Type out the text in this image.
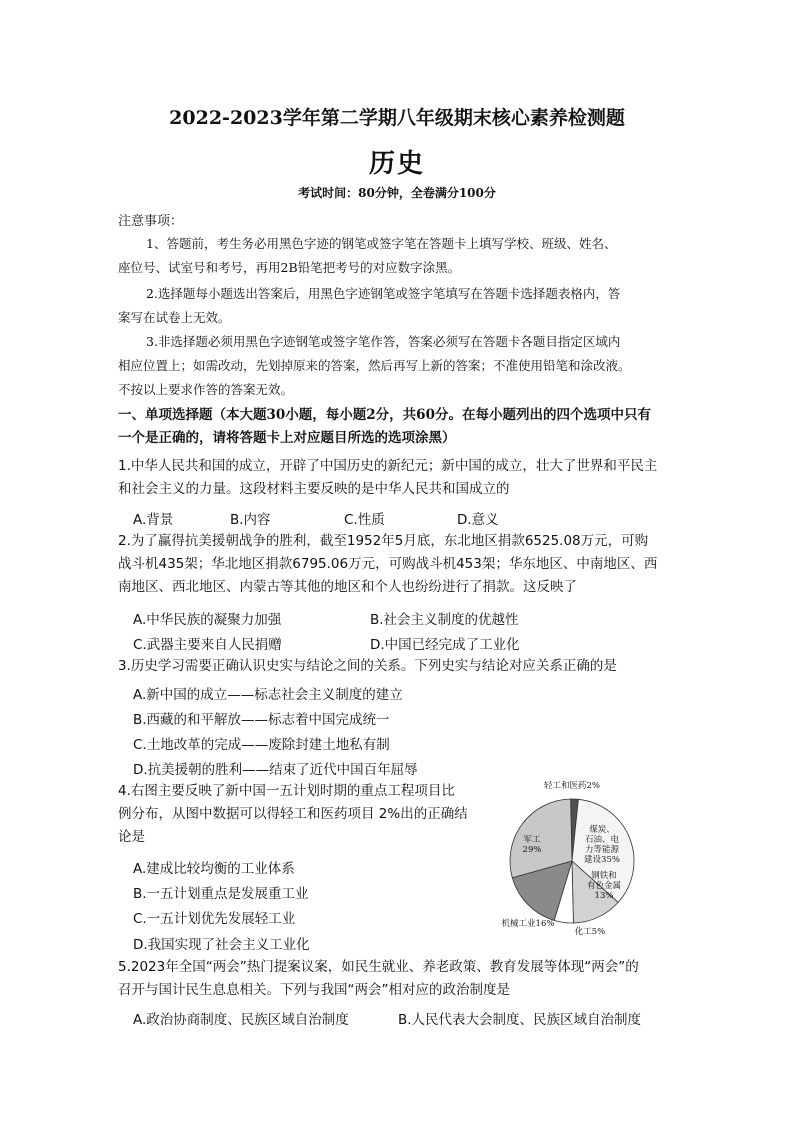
2022-2023学年第二学期八年级期末核心素养检测题
历史
考试时间：80分钟，全卷满分100分
注意事项：
1、答题前，考生务必用黑色字迹的钢笔或签字笔在答题卡上填写学校、班级、姓名、
座位号、试室号和考号，再用2B铅笔把考号的对应数字涂黑。
2.选择题每小题选出答案后，用黑色字迹钢笔或签字笔填写在答题卡选择题表格内，答
案写在试卷上无效。
3.非选择题必须用黑色字迹钢笔或签字笔作答，答案必须写在答题卡各题目指定区域内
相应位置上；如需改动，先划掉原来的答案，然后再写上新的答案；不准使用铅笔和涂改液。
不按以上要求作答的答案无效。
一、单项选择题（本大题30小题，每小题2分，共60分。在每小题列出的四个选项中只有
一个是正确的，请将答题卡上对应题目所选的选项涂黑）
1.中华人民共和国的成立，开辟了中国历史的新纪元；新中国的成立，壮大了世界和平民主
和社会主义的力量。这段材料主要反映的是中华人民共和国成立的
A.背景	B.内容	C.性质	D.意义
2.为了赢得抗美援朝战争的胜利，截至1952年5月底，东北地区捐款6525.08万元，可购
战斗机435架；华北地区捐款6795.06万元，可购战斗机453架；华东地区、中南地区、西
南地区、西北地区、内蒙古等其他的地区和个人也纷纷进行了捐款。这反映了
A.中华民族的凝聚力加强	B.社会主义制度的优越性
C.武器主要来自人民捐赠	D.中国已经完成了工业化
3.历史学习需要正确认识史实与结论之间的关系。下列史实与结论对应关系正确的是
A.新中国的成立——标志社会主义制度的建立
B.西藏的和平解放——标志着中国完成统一
C.土地改革的完成——废除封建土地私有制
D.抗美援朝的胜利——结束了近代中国百年屈辱
4.右图主要反映了新中国一五计划时期的重点工程项目比
例分布，从图中数据可以得轻工和医药项目 2%出的正确结
论是
A.建成比较均衡的工业体系
B.一五计划重点是发展重工业
C.一五计划优先发展轻工业
D.我国实现了社会主义工业化
轻工和医药2%
煤炭、石油、电力等能源建设35%
钢铁和有色金属 13%
化工5%
机械工业16%
军工 29%
5.2023年全国“两会”热门提案议案，如民生就业、养老政策、教育发展等体现“两会”的
召开与国计民生息息相关。下列与我国“两会”相对应的政治制度是
A.政治协商制度、民族区域自治制度	B.人民代表大会制度、民族区域自治制度
